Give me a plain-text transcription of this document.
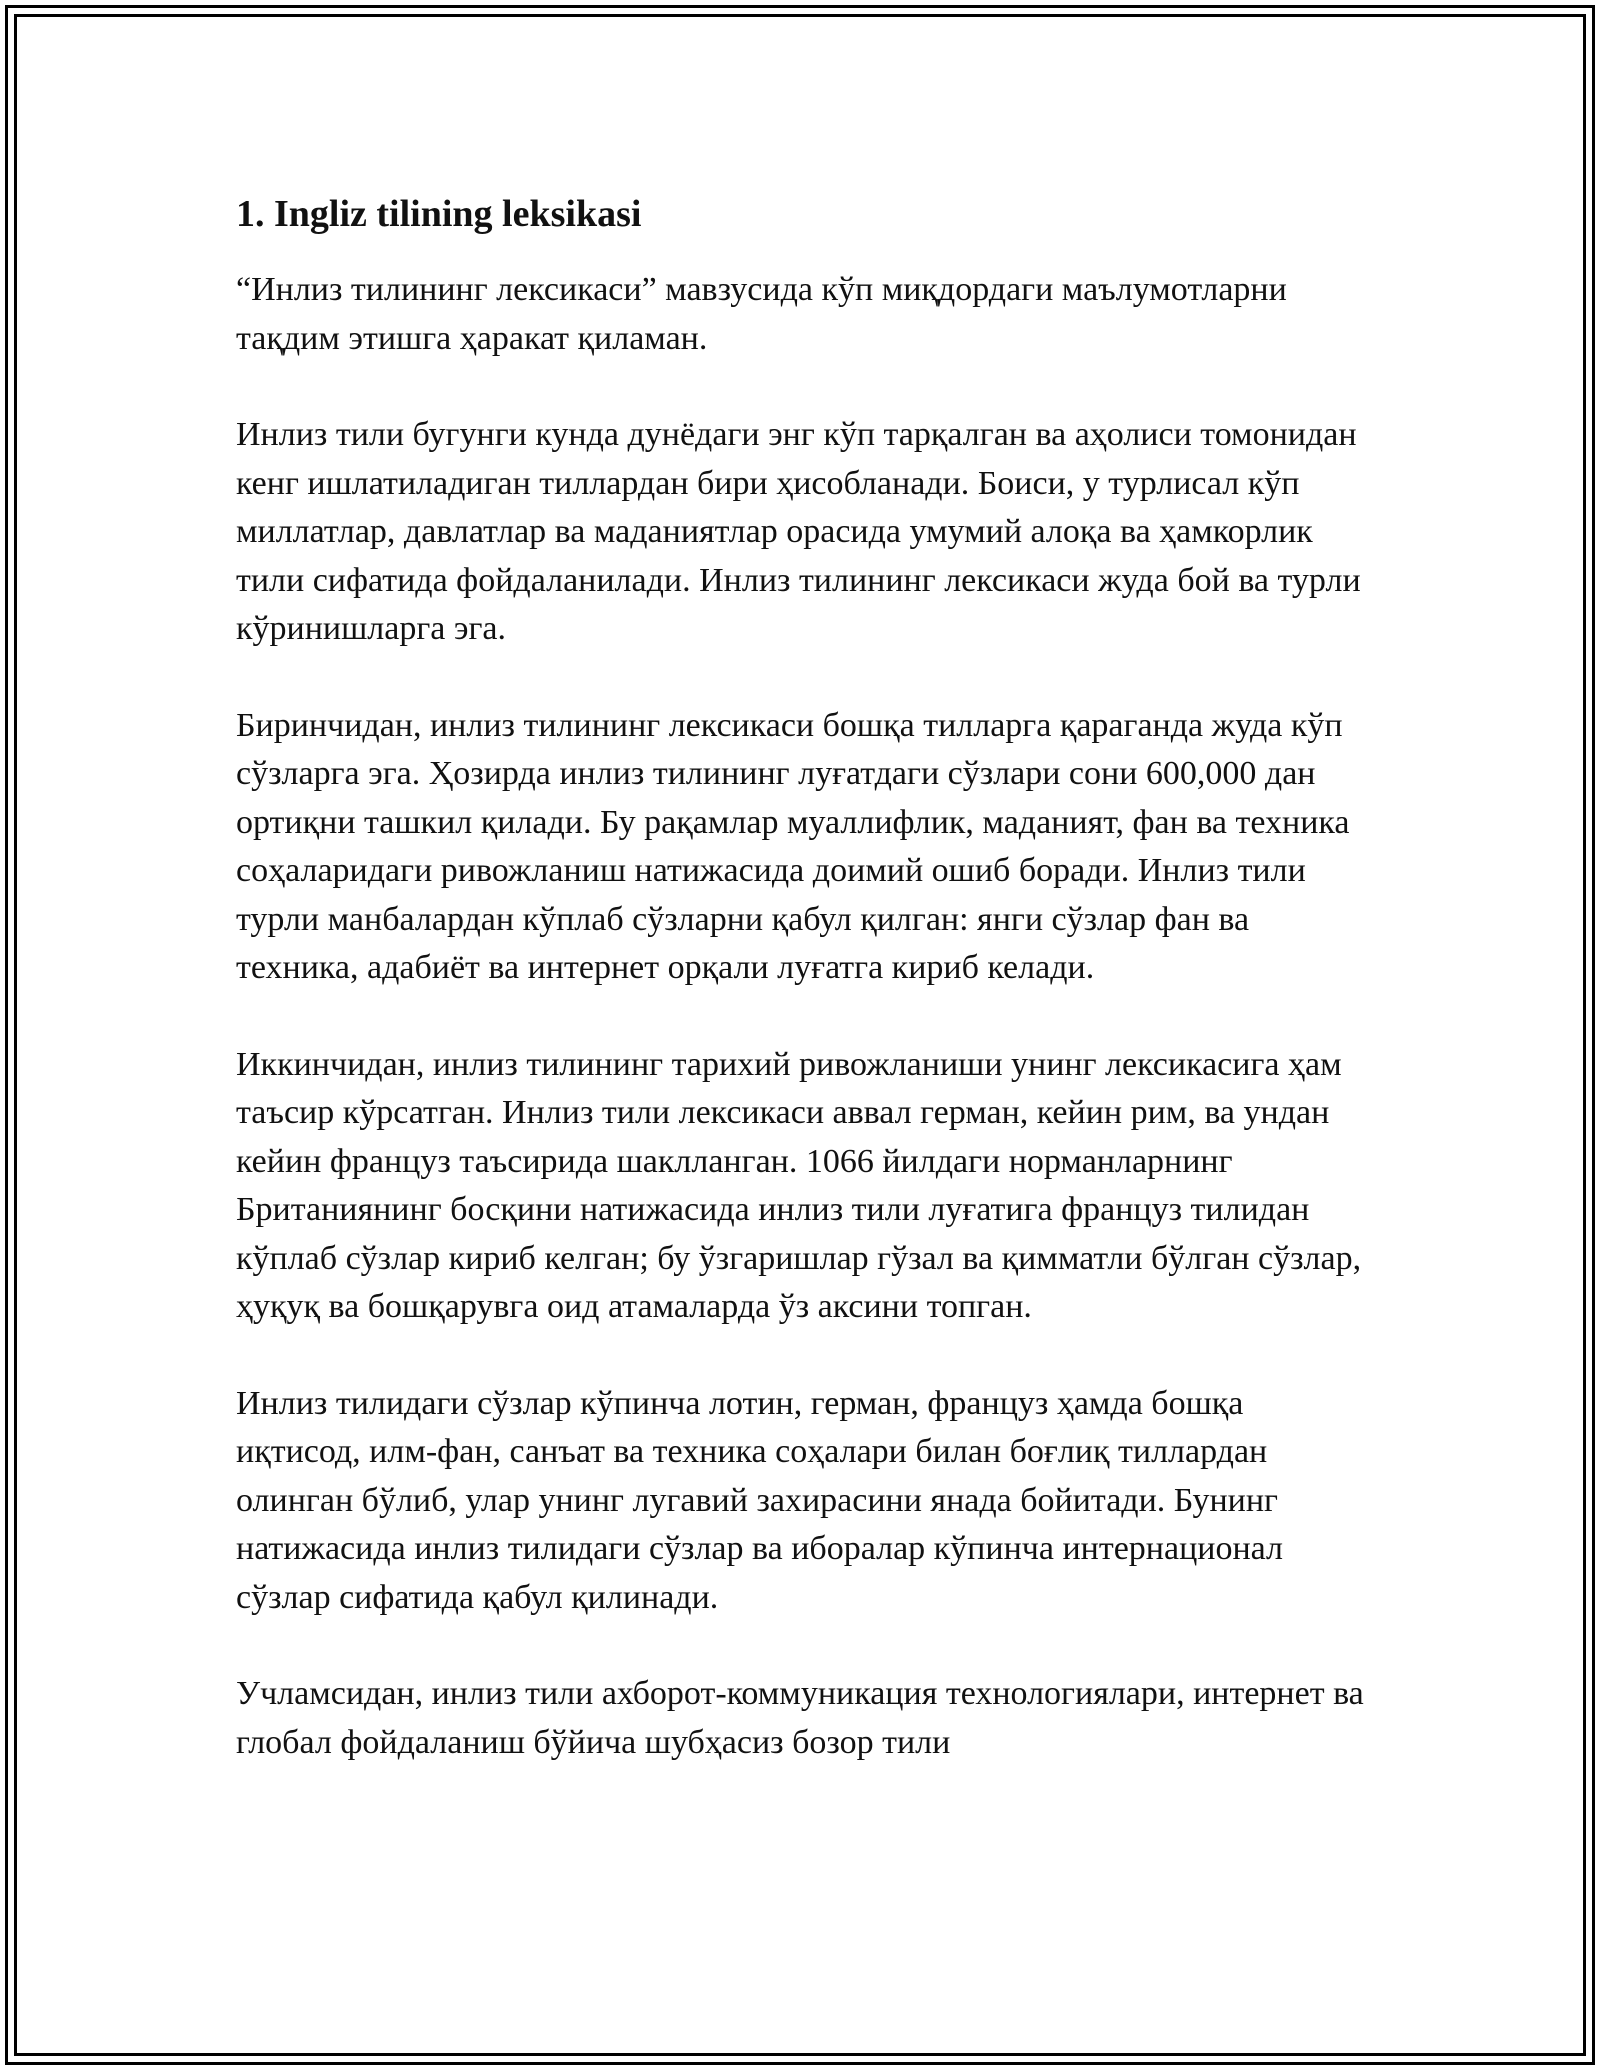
1. Ingliz tilining leksikasi

“Инлиз тилининг лексикаси” мавзусида кўп миқдордаги маълумотларни тақдим этишга ҳаракат қиламан.

Инлиз тили бугунги кунда дунёдаги энг кўп тарқалган ва аҳолиси томонидан кенг ишлатиладиган тиллардан бири ҳисобланади. Боиси, у турлисал кўп миллатлар, давлатлар ва маданиятлар орасида умумий алоқа ва ҳамкорлик тили сифатида фойдаланилади. Инлиз тилининг лексикаси жуда бой ва турли кўринишларга эга.

Биринчидан, инлиз тилининг лексикаси бошқа тилларга қараганда жуда кўп сўзларга эга. Ҳозирда инлиз тилининг луғатдаги сўзлари сони 600,000 дан ортиқни ташкил қилади. Бу рақамлар муаллифлик, маданият, фан ва техника соҳаларидаги ривожланиш натижасида доимий ошиб боради. Инлиз тили турли манбалардан кўплаб сўзларни қабул қилган: янги сўзлар фан ва техника, адабиёт ва интернет орқали луғатга кириб келади.

Иккинчидан, инлиз тилининг тарихий ривожланиши унинг лексикасига ҳам таъсир кўрсатган. Инлиз тили лексикаси аввал герман, кейин рим, ва ундан кейин француз таъсирида шаклланган. 1066 йилдаги норманларнинг Британиянинг босқини натижасида инлиз тили луғатига француз тилидан кўплаб сўзлар кириб келган; бу ўзгаришлар гўзал ва қимматли бўлган сўзлар, ҳуқуқ ва бошқарувга оид атамаларда ўз аксини топган.

Инлиз тилидаги сўзлар кўпинча лотин, герман, француз ҳамда бошқа иқтисод, илм-фан, санъат ва техника соҳалари билан боғлиқ тиллардан олинган бўлиб, улар унинг лугавий захирасини янада бойитади. Бунинг натижасида инлиз тилидаги сўзлар ва иборалар кўпинча интернационал сўзлар сифатида қабул қилинади.

Учламсидан, инлиз тили ахборот-коммуникация технологиялари, интернет ва глобал фойдаланиш бўйича шубҳасиз бозор тили
